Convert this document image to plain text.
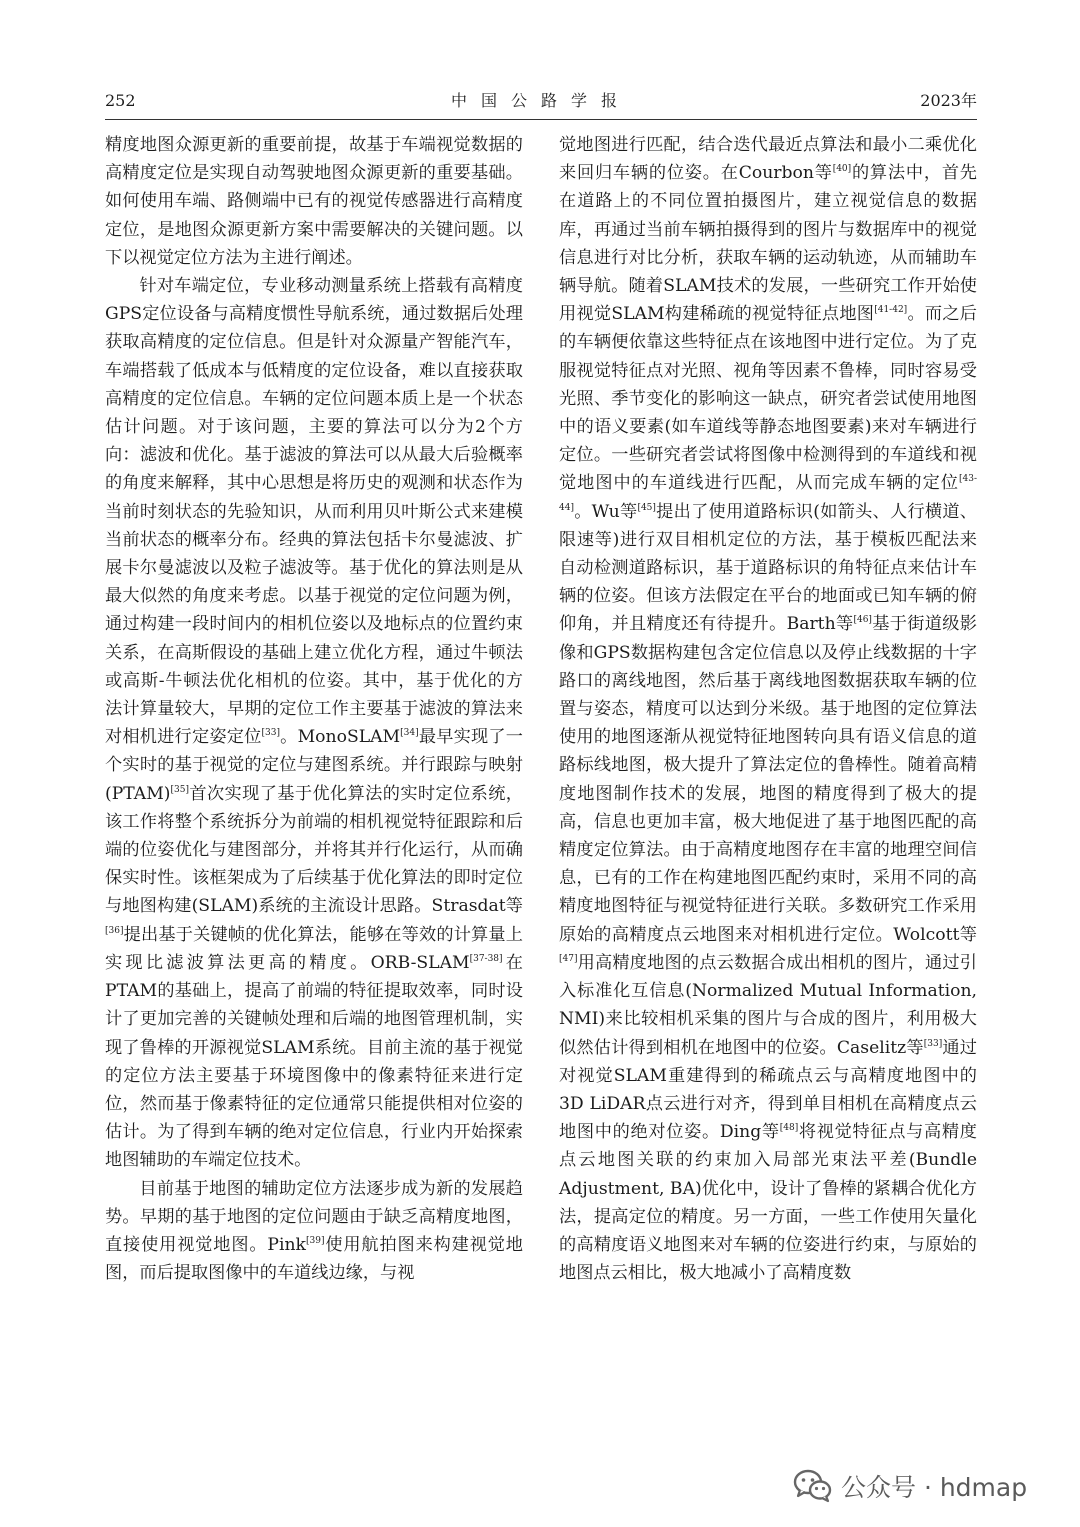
252	中国公路学报	2023年

精度地图众源更新的重要前提，故基于车端视觉数据的高精度定位是实现自动驾驶地图众源更新的重要基础。如何使用车端、路侧端中已有的视觉传感器进行高精度定位，是地图众源更新方案中需要解决的关键问题。以下以视觉定位方法为主进行阐述。

针对车端定位，专业移动测量系统上搭载有高精度GPS定位设备与高精度惯性导航系统，通过数据后处理获取高精度的定位信息。但是针对众源量产智能汽车，车端搭载了低成本与低精度的定位设备，难以直接获取高精度的定位信息。车辆的定位问题本质上是一个状态估计问题。对于该问题，主要的算法可以分为2个方向：滤波和优化。基于滤波的算法可以从最大后验概率的角度来解释，其中心思想是将历史的观测和状态作为当前时刻状态的先验知识，从而利用贝叶斯公式来建模当前状态的概率分布。经典的算法包括卡尔曼滤波、扩展卡尔曼滤波以及粒子滤波等。基于优化的算法则是从最大似然的角度来考虑。以基于视觉的定位问题为例，通过构建一段时间内的相机位姿以及地标点的位置约束关系，在高斯假设的基础上建立优化方程，通过牛顿法或高斯-牛顿法优化相机的位姿。其中，基于优化的方法计算量较大，早期的定位工作主要基于滤波的算法来对相机进行定姿定位[33]。MonoSLAM[34]最早实现了一个实时的基于视觉的定位与建图系统。并行跟踪与映射(PTAM)[35]首次实现了基于优化算法的实时定位系统，该工作将整个系统拆分为前端的相机视觉特征跟踪和后端的位姿优化与建图部分，并将其并行化运行，从而确保实时性。该框架成为了后续基于优化算法的即时定位与地图构建(SLAM)系统的主流设计思路。Strasdat等[36]提出基于关键帧的优化算法，能够在等效的计算量上实现比滤波算法更高的精度。ORB-SLAM[37-38]在PTAM的基础上，提高了前端的特征提取效率，同时设计了更加完善的关键帧处理和后端的地图管理机制，实现了鲁棒的开源视觉SLAM系统。目前主流的基于视觉的定位方法主要基于环境图像中的像素特征来进行定位，然而基于像素特征的定位通常只能提供相对位姿的估计。为了得到车辆的绝对定位信息，行业内开始探索地图辅助的车端定位技术。

目前基于地图的辅助定位方法逐步成为新的发展趋势。早期的基于地图的定位问题由于缺乏高精度地图，直接使用视觉地图。Pink[39]使用航拍图来构建视觉地图，而后提取图像中的车道线边缘，与视

觉地图进行匹配，结合迭代最近点算法和最小二乘优化来回归车辆的位姿。在Courbon等[40]的算法中，首先在道路上的不同位置拍摄图片，建立视觉信息的数据库，再通过当前车辆拍摄得到的图片与数据库中的视觉信息进行对比分析，获取车辆的运动轨迹，从而辅助车辆导航。随着SLAM技术的发展，一些研究工作开始使用视觉SLAM构建稀疏的视觉特征点地图[41-42]。而之后的车辆便依靠这些特征点在该地图中进行定位。为了克服视觉特征点对光照、视角等因素不鲁棒，同时容易受光照、季节变化的影响这一缺点，研究者尝试使用地图中的语义要素(如车道线等静态地图要素)来对车辆进行定位。一些研究者尝试将图像中检测得到的车道线和视觉地图中的车道线进行匹配，从而完成车辆的定位[43-44]。Wu等[45]提出了使用道路标识(如箭头、人行横道、限速等)进行双目相机定位的方法，基于模板匹配法来自动检测道路标识，基于道路标识的角特征点来估计车辆的位姿。但该方法假定在平台的地面或已知车辆的俯仰角，并且精度还有待提升。Barth等[46]基于街道级影像和GPS数据构建包含定位信息以及停止线数据的十字路口的离线地图，然后基于离线地图数据获取车辆的位置与姿态，精度可以达到分米级。基于地图的定位算法使用的地图逐渐从视觉特征地图转向具有语义信息的道路标线地图，极大提升了算法定位的鲁棒性。随着高精度地图制作技术的发展，地图的精度得到了极大的提高，信息也更加丰富，极大地促进了基于地图匹配的高精度定位算法。由于高精度地图存在丰富的地理空间信息，已有的工作在构建地图匹配约束时，采用不同的高精度地图特征与视觉特征进行关联。多数研究工作采用原始的高精度点云地图来对相机进行定位。Wolcott等[47]用高精度地图的点云数据合成出相机的图片，通过引入标准化互信息(Normalized Mutual Information, NMI)来比较相机采集的图片与合成的图片，利用极大似然估计得到相机在地图中的位姿。Caselitz等[33]通过对视觉SLAM重建得到的稀疏点云与高精度地图中的3D LiDAR点云进行对齐，得到单目相机在高精度点云地图中的绝对位姿。Ding等[48]将视觉特征点与高精度点云地图关联的约束加入局部光束法平差(Bundle Adjustment, BA)优化中，设计了鲁棒的紧耦合优化方法，提高定位的精度。另一方面，一些工作使用矢量化的高精度语义地图来对车辆的位姿进行约束，与原始的地图点云相比，极大地减小了高精度数

公众号 · hdmap
